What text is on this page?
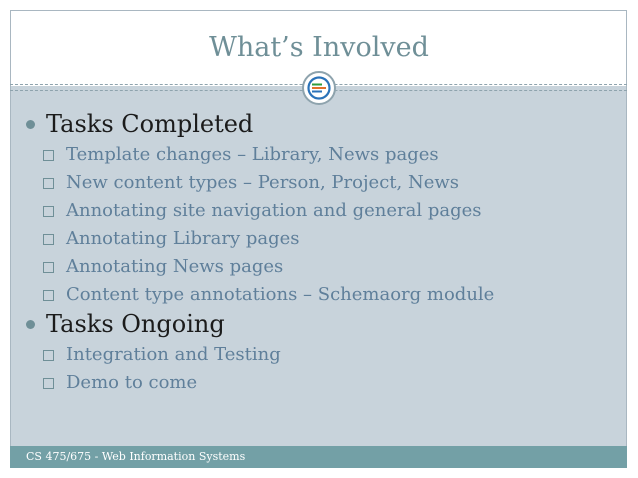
What’s Involved
Tasks Completed
Template changes – Library, News pages
New content types – Person, Project, News
Annotating site navigation and general pages
Annotating Library pages
Annotating News pages
Content type annotations – Schemaorg module
Tasks Ongoing
Integration and Testing
Demo to come
CS 475/675 - Web Information Systems
